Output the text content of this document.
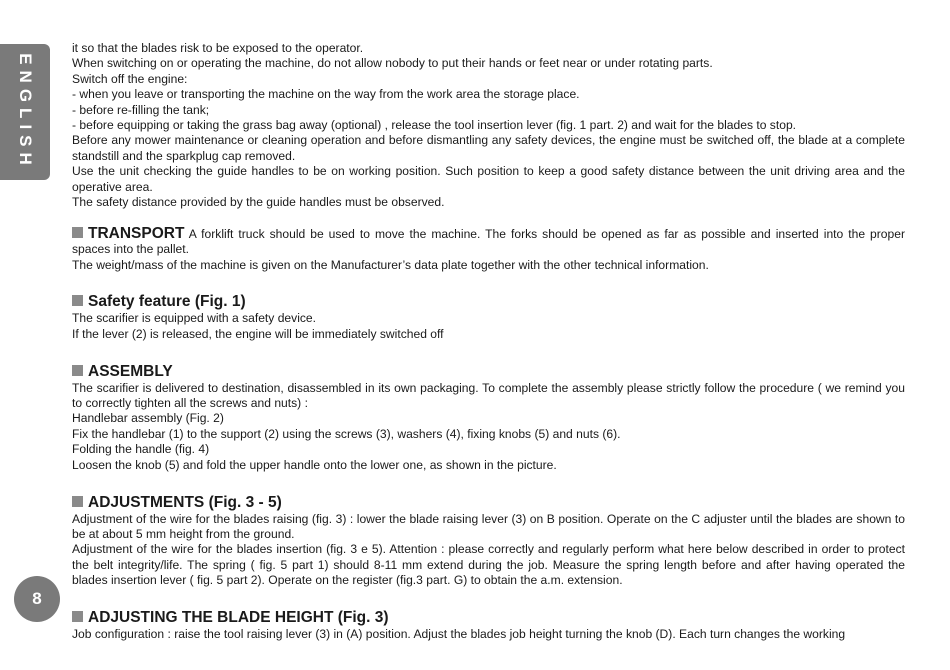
ENGLISH
8

it so that the blades risk to be exposed to the operator.

When switching on or operating the machine, do not allow nobody to put their hands or feet near or under rotating parts.

Switch off the engine:

- when you leave or transporting the machine on the way from the work area the storage place.

- before re-filling the tank;

- before equipping or taking the grass bag away (optional) , release the tool insertion lever (fig. 1 part. 2) and wait for the blades to stop.

Before any mower maintenance or cleaning operation and before dismantling any safety devices, the engine must be switched off, the blade at a complete standstill and the sparkplug cap removed.

Use the unit checking the guide handles to be on working position. Such position to keep a good safety distance between the unit driving area and the operative area.

The safety distance provided by the guide handles must be observed.

TRANSPORT A forklift truck should be used to move the machine. The forks should be opened as far as possible and inserted into the proper spaces into the pallet.

The weight/mass of the machine is given on the Manufacturer’s data plate together with the other technical information.

Safety feature (Fig. 1)

The scarifier is equipped with a safety device.

If the lever (2) is released, the engine will be immediately switched off

ASSEMBLY

The scarifier is delivered to destination, disassembled in its own packaging. To complete the assembly please strictly follow the procedure ( we remind you to correctly tighten all the screws and nuts) :

Handlebar assembly (Fig. 2)

Fix the handlebar (1) to the support (2) using the screws (3), washers (4), fixing knobs (5) and nuts (6).

Folding the handle (fig. 4)

Loosen the knob (5) and fold the upper handle onto the lower one, as shown in the picture.

ADJUSTMENTS (Fig. 3 - 5)

Adjustment of the wire for the blades raising (fig. 3) : lower the blade raising lever (3) on B position. Operate on the C adjuster until the blades are shown to be at about 5 mm height from the ground.

Adjustment of the wire for the blades insertion (fig. 3 e 5). Attention : please correctly and regularly perform what here below described in order to protect the belt integrity/life. The spring ( fig. 5 part 1) should 8-11 mm extend during the job. Measure the spring length before and after having operated the blades insertion lever ( fig. 5 part 2). Operate on the register (fig.3 part. G) to obtain the a.m. extension.

ADJUSTING THE BLADE HEIGHT (Fig. 3)

Job configuration : raise the tool raising lever (3) in (A) position. Adjust the blades job height turning the knob (D). Each turn changes the working
